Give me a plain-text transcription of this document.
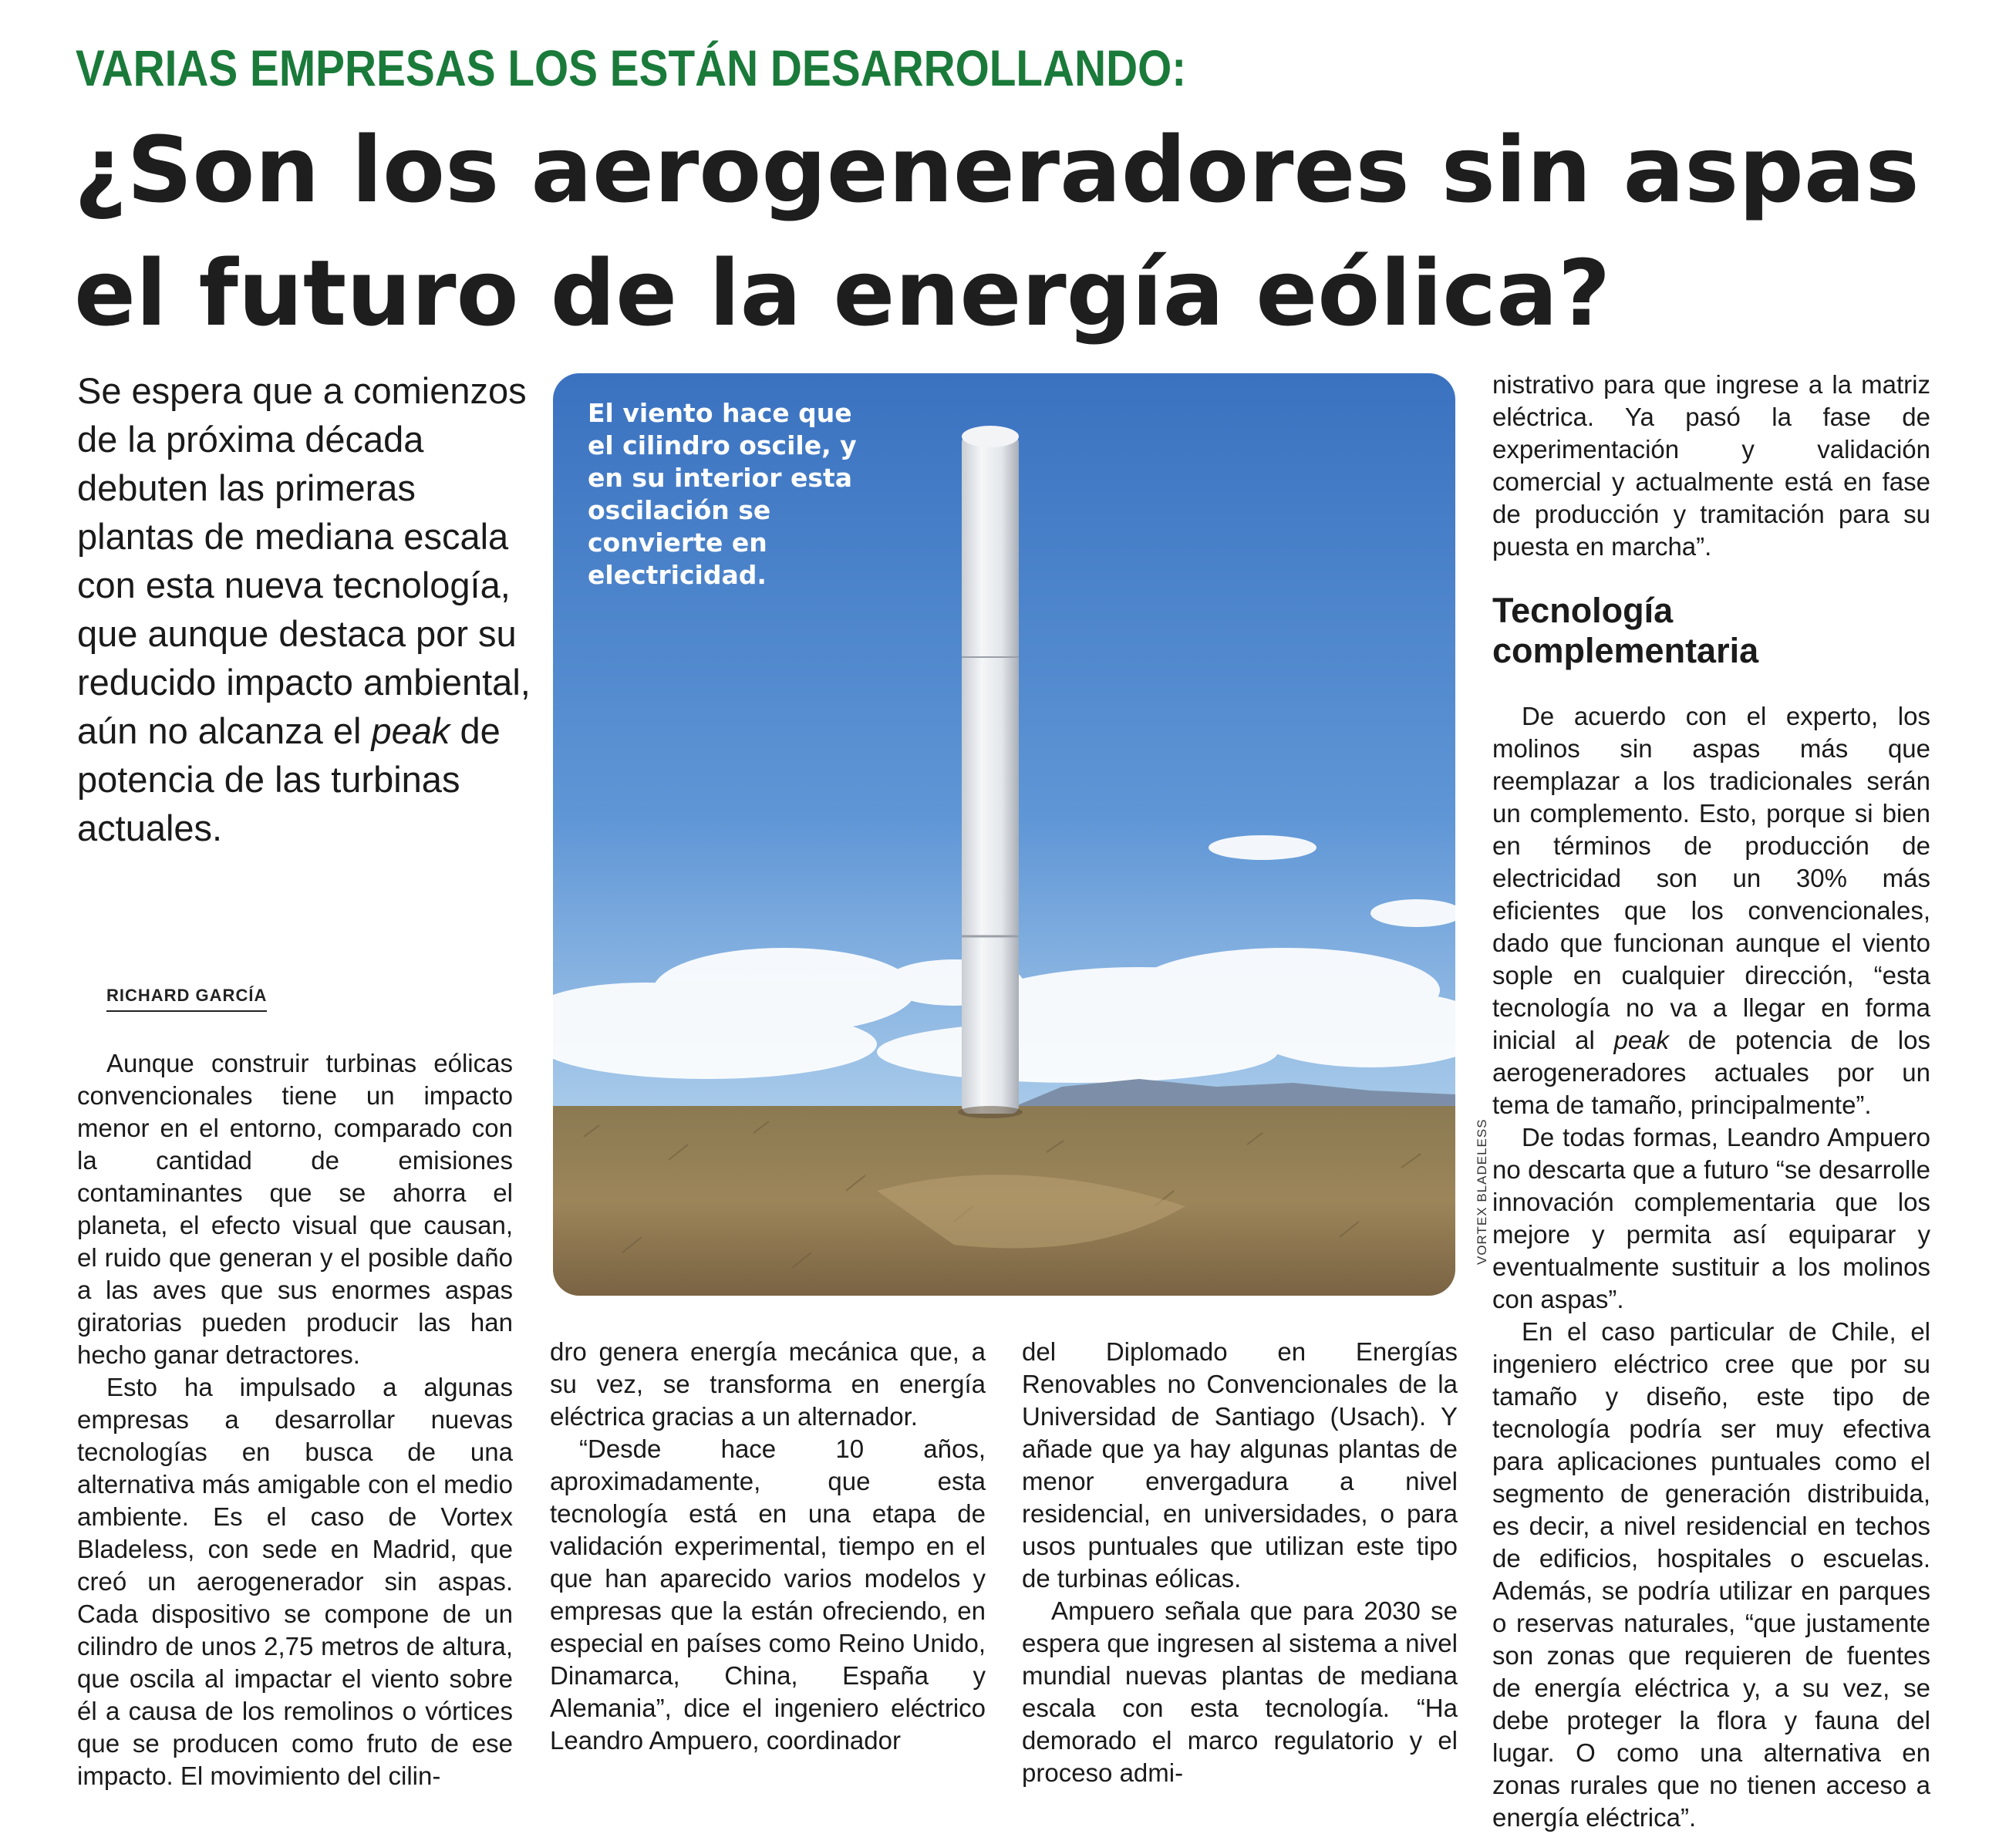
VARIAS EMPRESAS LOS ESTÁN DESARROLLANDO:
¿Son los aerogeneradores sin aspas
el futuro de la energía eólica?

Se espera que a comienzos de la próxima década debuten las primeras plantas de mediana escala con esta nueva tecnología, que aunque destaca por su reducido impacto ambiental, aún no alcanza el peak de potencia de las turbinas actuales.

RICHARD GARCÍA

Aunque construir turbinas eólicas convencionales tiene un impacto menor en el entorno, comparado con la cantidad de emisiones contaminantes que se ahorra el planeta, el efecto visual que causan, el ruido que generan y el posible daño a las aves que sus enormes aspas giratorias pueden producir las han hecho ganar detractores.

Esto ha impulsado a algunas empresas a desarrollar nuevas tecnologías en busca de una alternativa más amigable con el medio ambiente. Es el caso de Vortex Bladeless, con sede en Madrid, que creó un aerogenerador sin aspas. Cada dispositivo se compone de un cilindro de unos 2,75 metros de altura, que oscila al impactar el viento sobre él a causa de los remolinos o vórtices que se producen como fruto de ese impacto. El movimiento del cilin-

El viento hace que el cilindro oscile, y en su interior esta oscilación se convierte en electricidad.

VORTEX BLADELESS

dro genera energía mecánica que, a su vez, se transforma en energía eléctrica gracias a un alternador.

“Desde hace 10 años, aproximadamente, que esta tecnología está en una etapa de validación experimental, tiempo en el que han aparecido varios modelos y empresas que la están ofreciendo, en especial en países como Reino Unido, Dinamarca, China, España y Alemania”, dice el ingeniero eléctrico Leandro Ampuero, coordinador

del Diplomado en Energías Renovables no Convencionales de la Universidad de Santiago (Usach). Y añade que ya hay algunas plantas de menor envergadura a nivel residencial, en universidades, o para usos puntuales que utilizan este tipo de turbinas eólicas.

Ampuero señala que para 2030 se espera que ingresen al sistema a nivel mundial nuevas plantas de mediana escala con esta tecnología. “Ha demorado el marco regulatorio y el proceso admi-

nistrativo para que ingrese a la matriz eléctrica. Ya pasó la fase de experimentación y validación comercial y actualmente está en fase de producción y tramitación para su puesta en marcha”.

Tecnología complementaria

De acuerdo con el experto, los molinos sin aspas más que reemplazar a los tradicionales serán un complemento. Esto, porque si bien en términos de producción de electricidad son un 30% más eficientes que los convencionales, dado que funcionan aunque el viento sople en cualquier dirección, “esta tecnología no va a llegar en forma inicial al peak de potencia de los aerogeneradores actuales por un tema de tamaño, principalmente”.

De todas formas, Leandro Ampuero no descarta que a futuro “se desarrolle innovación complementaria que los mejore y permita así equiparar y eventualmente sustituir a los molinos con aspas”.

En el caso particular de Chile, el ingeniero eléctrico cree que por su tamaño y diseño, este tipo de tecnología podría ser muy efectiva para aplicaciones puntuales como el segmento de generación distribuida, es decir, a nivel residencial en techos de edificios, hospitales o escuelas. Además, se podría utilizar en parques o reservas naturales, “que justamente son zonas que requieren de fuentes de energía eléctrica y, a su vez, se debe proteger la flora y fauna del lugar. O como una alternativa en zonas rurales que no tienen acceso a energía eléctrica”.
